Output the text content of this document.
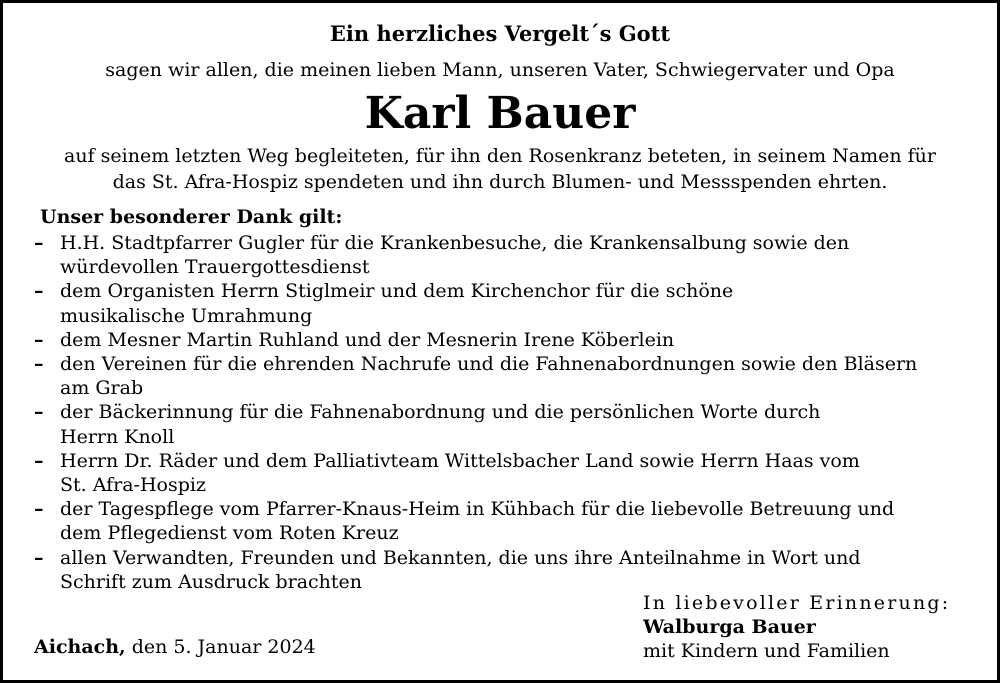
Ein herzliches Vergelt´s Gott
sagen wir allen, die meinen lieben Mann, unseren Vater, Schwiegervater und Opa
Karl Bauer

auf seinem letzten Weg begleiteten, für ihn den Rosenkranz beteten, in seinem Namen für
das St. Afra-Hospiz spendeten und ihn durch Blumen- und Messspenden ehrten.

Unser besonderer Dank gilt:
– H.H. Stadtpfarrer Gugler für die Krankenbesuche, die Krankensalbung sowie den
würdevollen Trauergottesdienst
– dem Organisten Herrn Stiglmeir und dem Kirchenchor für die schöne
musikalische Umrahmung
– dem Mesner Martin Ruhland und der Mesnerin Irene Köberlein
– den Vereinen für die ehrenden Nachrufe und die Fahnenabordnungen sowie den Bläsern
am Grab
– der Bäckerinnung für die Fahnenabordnung und die persönlichen Worte durch
Herrn Knoll
– Herrn Dr. Räder und dem Palliativteam Wittelsbacher Land sowie Herrn Haas vom
St. Afra-Hospiz
– der Tagespflege vom Pfarrer-Knaus-Heim in Kühbach für die liebevolle Betreuung und
dem Pflegedienst vom Roten Kreuz
– allen Verwandten, Freunden und Bekannten, die uns ihre Anteilnahme in Wort und
Schrift zum Ausdruck brachten
In liebevoller Erinnerung:
Walburga Bauer
mit Kindern und Familien
Aichach, den 5. Januar 2024
